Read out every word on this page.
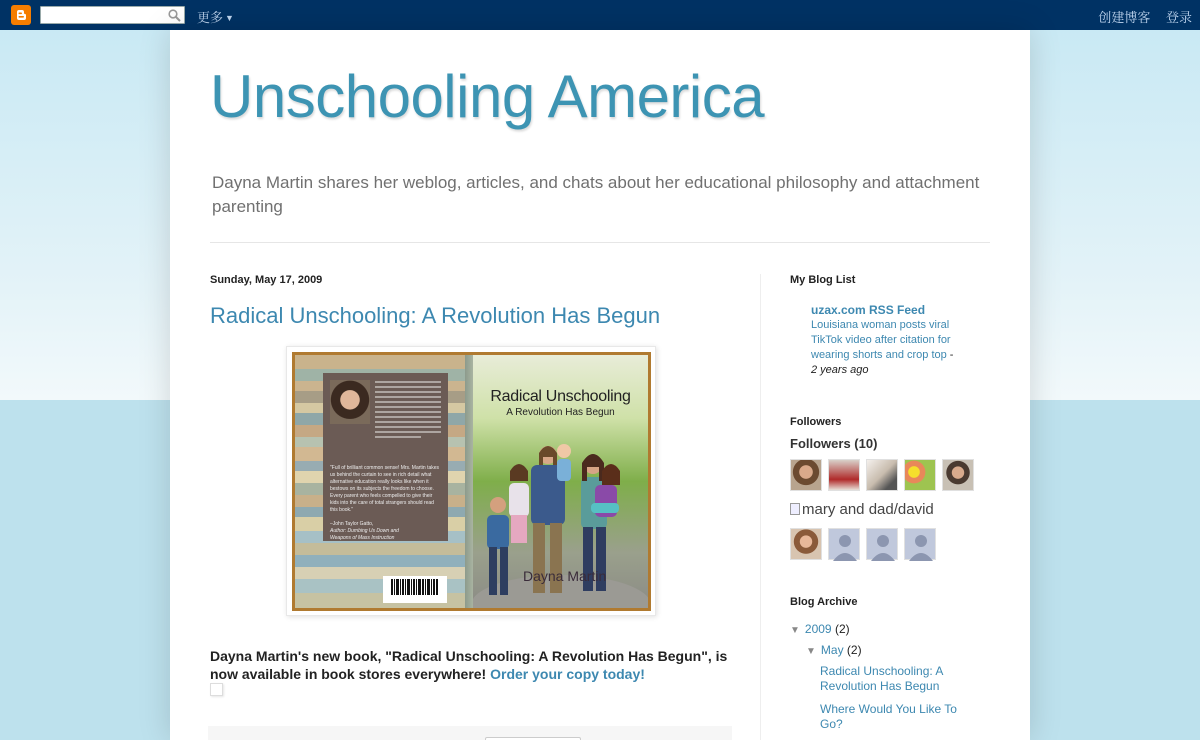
更多 ▼	创建博客 登录
Unschooling America
Dayna Martin shares her weblog, articles, and chats about her educational philosophy and attachment parenting
Sunday, May 17, 2009
Radical Unschooling: A Revolution Has Begun
"Full of brilliant common sense! Mrs. Martin takes us behind the curtain to see in rich detail what alternative education really looks like when it bestows on its subjects the freedom to choose. Every parent who feels compelled to give their kids into the care of total strangers should read this book."

–John Taylor Gatto,
Author: Dumbing Us Down and
Weapons of Mass Instruction
Radical Unschooling
A Revolution Has Begun
Dayna Martin
Dayna Martin's new book, "Radical Unschooling: A Revolution Has Begun", is now available in book stores everywhere! Order your copy today!
My Blog List
uzax.com RSS Feed
Louisiana woman posts viral TikTok video after citation for wearing shorts and crop top -
2 years ago
Followers
Followers (10)
mary and dad/david
Blog Archive
▼ 2009 (2)
▼ May (2)
Radical Unschooling: A Revolution Has Begun
Where Would You Like To Go?
